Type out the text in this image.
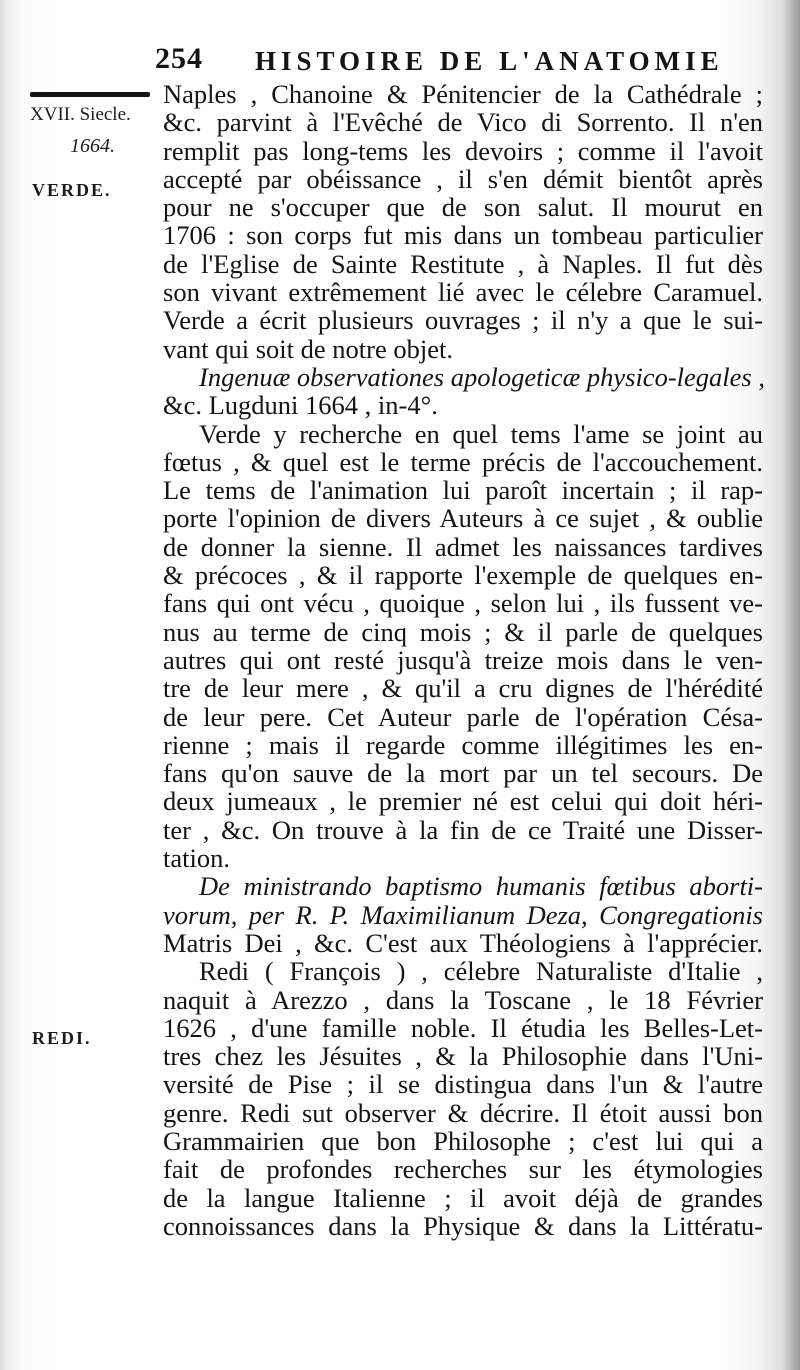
254 HISTOIRE DE L'ANATOMIE
XVII. Siecle.
1664.
VERDE.
REDI.
Naples , Chanoine & Pénitencier de la Cathédrale ;
&c. parvint à l'Evêché de Vico di Sorrento. Il n'en
remplit pas long-tems les devoirs ; comme il l'avoit
accepté par obéissance , il s'en démit bientôt après
pour ne s'occuper que de son salut. Il mourut en
1706 : son corps fut mis dans un tombeau particulier
de l'Eglise de Sainte Restitute , à Naples. Il fut dès
son vivant extrêmement lié avec le célebre Caramuel.
Verde a écrit plusieurs ouvrages ; il n'y a que le sui-
vant qui soit de notre objet.
Ingenuæ observationes apologeticæ physico-legales ,
&c. Lugduni 1664 , in-4°.
Verde y recherche en quel tems l'ame se joint au
fœtus , & quel est le terme précis de l'accouchement.
Le tems de l'animation lui paroît incertain ; il rap-
porte l'opinion de divers Auteurs à ce sujet , & oublie
de donner la sienne. Il admet les naissances tardives
& précoces , & il rapporte l'exemple de quelques en-
fans qui ont vécu , quoique , selon lui , ils fussent ve-
nus au terme de cinq mois ; & il parle de quelques
autres qui ont resté jusqu'à treize mois dans le ven-
tre de leur mere , & qu'il a cru dignes de l'hérédité
de leur pere. Cet Auteur parle de l'opération Césa-
rienne ; mais il regarde comme illégitimes les en-
fans qu'on sauve de la mort par un tel secours. De
deux jumeaux , le premier né est celui qui doit héri-
ter , &c. On trouve à la fin de ce Traité une Disser-
tation.
De ministrando baptismo humanis fœtibus aborti-
vorum, per R. P. Maximilianum Deza, Congregationis
Matris Dei , &c. C'est aux Théologiens à l'apprécier.
Redi ( François ) , célebre Naturaliste d'Italie ,
naquit à Arezzo , dans la Toscane , le 18 Février
1626 , d'une famille noble. Il étudia les Belles-Let-
tres chez les Jésuites , & la Philosophie dans l'Uni-
versité de Pise ; il se distingua dans l'un & l'autre
genre. Redi sut observer & décrire. Il étoit aussi bon
Grammairien que bon Philosophe ; c'est lui qui a
fait de profondes recherches sur les étymologies
de la langue Italienne ; il avoit déjà de grandes
connoissances dans la Physique & dans la Littératu-
